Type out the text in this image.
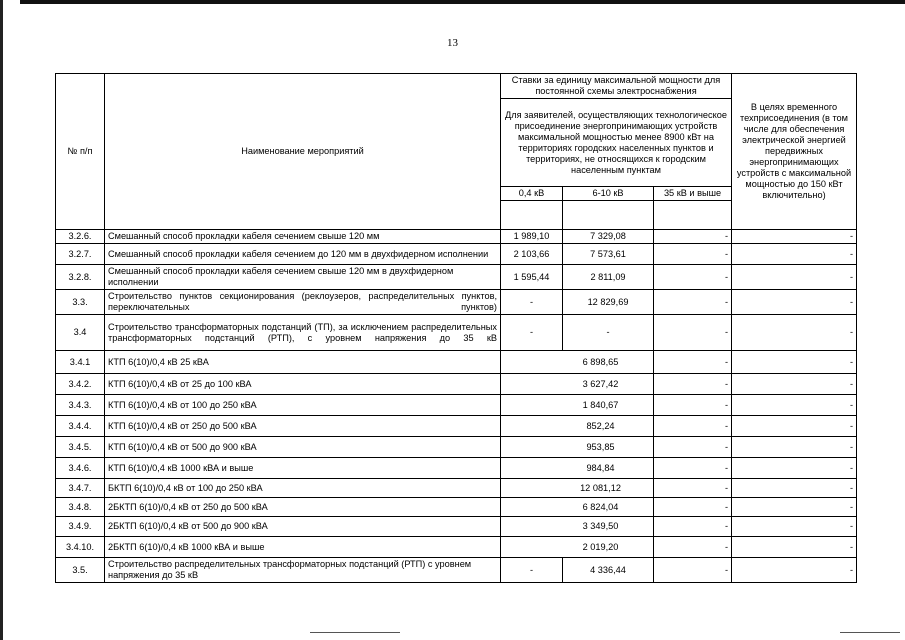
13
№ п/п	Наименование мероприятий	Ставки за единицу максимальной мощности для постоянной схемы электроснабжения			В целях временного техприсоединения (в том числе для обеспечения электрической энергией передвижных энергопринимающих устройств с максимальной мощностью до 150 кВт включительно)
		Для заявителей, осуществляющих технологическое присоединение энергопринимающих устройств максимальной мощностью менее 8900 кВт на территориях городских населенных пунктов и территориях, не относящихся к городским населенным пунктам			
		0,4 кВ	6-10 кВ	35 кВ и выше	

3.2.6.	Смешанный способ прокладки кабеля сечением свыше 120 мм	1 989,10	7 329,08	-	-
3.2.7.	Смешанный способ прокладки кабеля сечением до 120 мм в двухфидерном исполнении	2 103,66	7 573,61	-	-
3.2.8.	Смешанный способ прокладки кабеля сечением свыше 120 мм в двухфидерном исполнении	1 595,44	2 811,09	-	-
3.3.	Строительство пунктов секционирования (реклоузеров, распределительных пунктов, переключательных пунктов)	-	12 829,69	-	-
3.4	Строительство трансформаторных подстанций (ТП), за исключением распределительных трансформаторных подстанций (РТП), с уровнем напряжения до 35 кВ	-	-	-	-
3.4.1	КТП 6(10)/0,4 кВ 25 кВА	6 898,65		-	-
3.4.2.	КТП 6(10)/0,4 кВ от 25 до 100 кВА	3 627,42		-	-
3.4.3.	КТП 6(10)/0,4 кВ от 100 до 250 кВА	1 840,67		-	-
3.4.4.	КТП 6(10)/0,4 кВ от 250 до 500 кВА	852,24		-	-
3.4.5.	КТП 6(10)/0,4 кВ от 500 до 900 кВА	953,85		-	-
3.4.6.	КТП 6(10)/0,4 кВ 1000 кВА и выше	984,84		-	-
3.4.7.	БКТП 6(10)/0,4 кВ от 100 до 250 кВА	12 081,12		-	-
3.4.8.	2БКТП 6(10)/0,4 кВ от 250 до 500 кВА	6 824,04		-	-
3.4.9.	2БКТП 6(10)/0,4 кВ от 500 до 900 кВА	3 349,50		-	-
3.4.10.	2БКТП 6(10)/0,4 кВ 1000 кВА и выше	2 019,20		-	-
3.5.	Строительство распределительных трансформаторных подстанций (РТП) с уровнем напряжения до 35 кВ	-	4 336,44	-	-
